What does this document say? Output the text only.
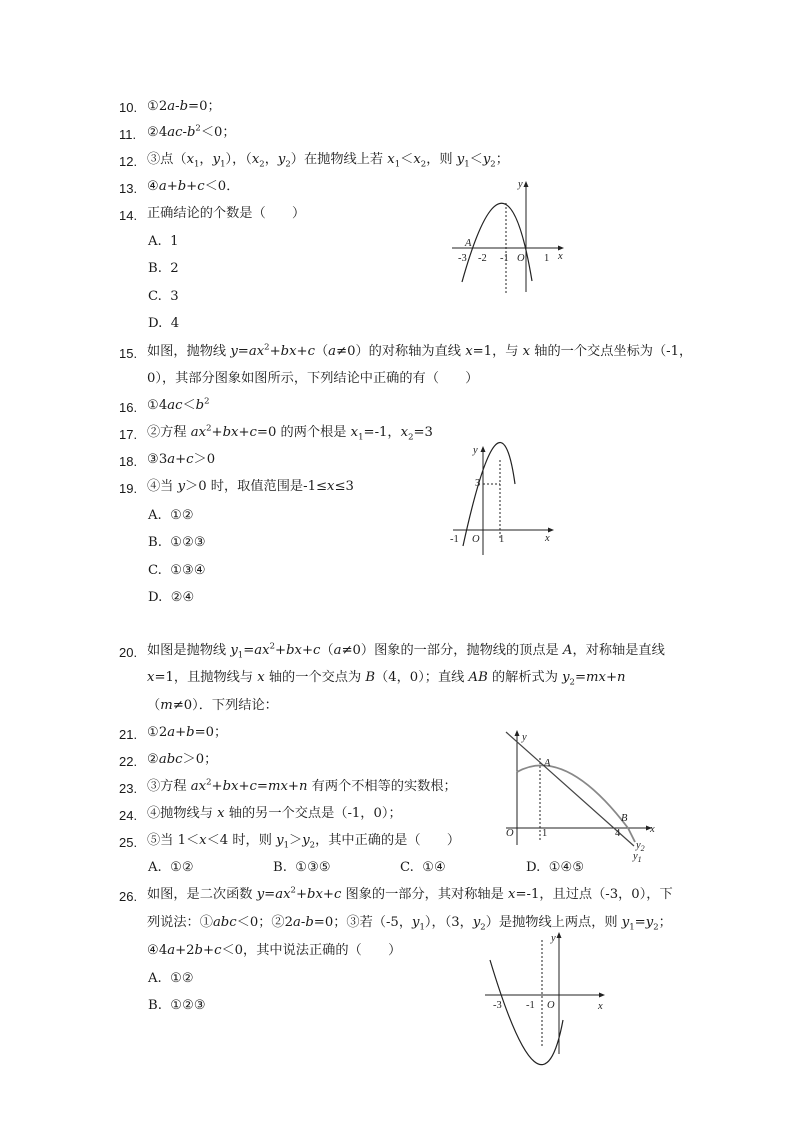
10. ①2a-b=0；
11. $②4ac-b^2<0$；
12. ③点（$x_1$，$y_1$），（$x_2$，$y_2$）在抛物线上若 $x_1<x_2$，则 $y_1<y_2$；
13. ④a+b+c＜0．
14. 正确结论的个数是（　　）
A. 1
B. 2
C. 3
D. 4
y
x
A
-3 -2 -1 O 1
15. 如图，抛物线 $y=ax^2+bx+c(a\ne 0)$的对称轴为直线 x=1，与 x 轴的一个交点坐标为（-1，
0），其部分图象如图所示，下列结论中正确的有（　　）
16. $①4ac<b^2$
17. ②方程 $ax^2+bx+c=0$ 的两个根是 $x_1=-1$，$x_2=3$
18. ③3a+c＞0
19. ④当 y＞0 时，取值范围是-1≤x≤3
A. ①②
B. ①②③
C. ①③④
D. ②④
y
x
3
-1 O 1
20. 如图是抛物线 $y_1=ax^2+bx+c(a\ne 0)$图象的一部分，抛物线的顶点是 A，对称轴是直线
x=1，且抛物线与 x 轴的一个交点为 B（4，0）；直线 AB 的解析式为 $y_2=mx+n$
（m≠0）．下列结论：
21. ①2a+b=0；
22. ②abc＞0；
23. ③方程 $ax^2+bx+c=mx+n$ 有两个不相等的实数根；
24. ④抛物线与 x 轴的另一个交点是（-1，0）；
25. ⑤当 1＜x＜4 时，则 $y_1>y_2$，其中正确的是（　　）
A. ①②	B. ①③⑤	C. ①④	D. ①④⑤
y
x
A
B
O	1	4
$y_2$
$y_1$
26. 如图，是二次函数 $y=ax^2+bx+c$ 图象的一部分，其对称轴是 x=-1，且过点（-3，0），下
列说法：①abc＜0；②2a-b=0；③若（-5，$y_1$），（3，$y_2$）是抛物线上两点，则 $y_1=y_2$；
④4a+2b+c＜0，其中说法正确的（　　）
A. ①②
B. ①②③
y
x
-3 -1 O
